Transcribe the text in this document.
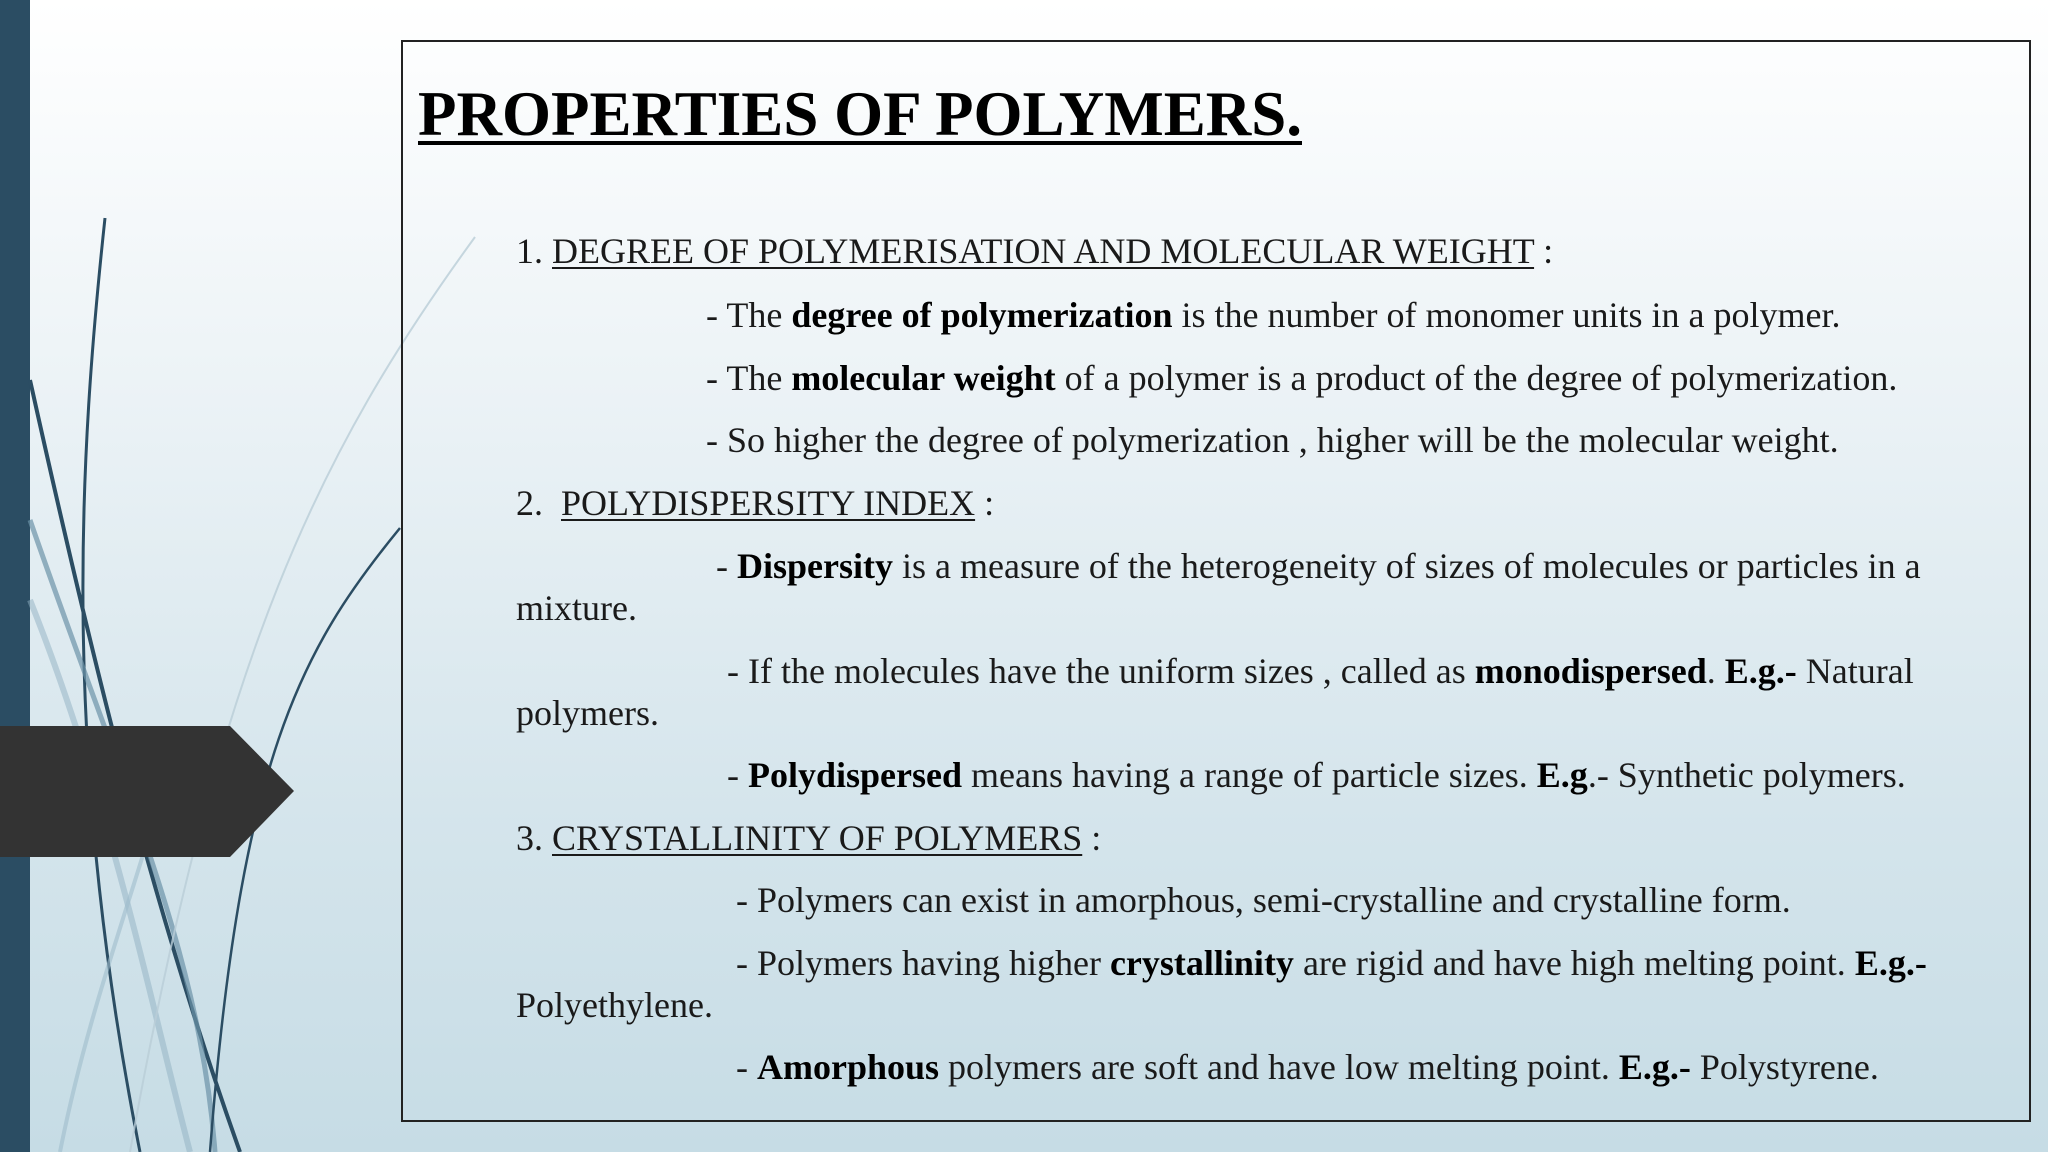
PROPERTIES OF POLYMERS.

1. DEGREE OF POLYMERISATION AND MOLECULAR WEIGHT :

- The degree of polymerization is the number of monomer units in a polymer.

- The molecular weight of a polymer is a product of the degree of polymerization.

- So higher the degree of polymerization , higher will be the molecular weight.

2. POLYDISPERSITY INDEX :

- Dispersity is a measure of the heterogeneity of sizes of molecules or particles in a

mixture.

- If the molecules have the uniform sizes , called as monodispersed. E.g.- Natural

polymers.

- Polydispersed means having a range of particle sizes. E.g.- Synthetic polymers.

3. CRYSTALLINITY OF POLYMERS :

- Polymers can exist in amorphous, semi-crystalline and crystalline form.

- Polymers having higher crystallinity are rigid and have high melting point. E.g.-

Polyethylene.

- Amorphous polymers are soft and have low melting point. E.g.- Polystyrene.
